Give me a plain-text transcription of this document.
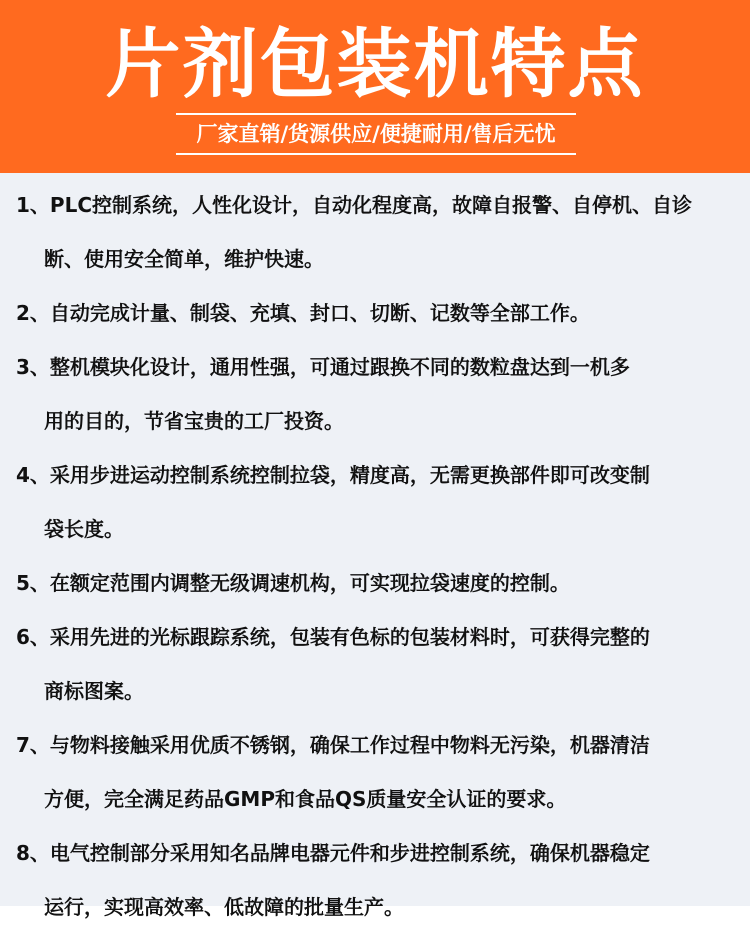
片剂包装机特点
厂家直销/货源供应/便捷耐用/售后无忧
1、PLC控制系统，人性化设计，自动化程度高，故障自报警、自停机、自诊
断、使用安全简单，维护快速。
2、自动完成计量、制袋、充填、封口、切断、记数等全部工作。
3、整机模块化设计，通用性强，可通过跟换不同的数粒盘达到一机多
用的目的，节省宝贵的工厂投资。
4、采用步进运动控制系统控制拉袋，精度高，无需更换部件即可改变制
袋长度。
5、在额定范围内调整无级调速机构，可实现拉袋速度的控制。
6、采用先进的光标跟踪系统，包装有色标的包装材料时，可获得完整的
商标图案。
7、与物料接触采用优质不锈钢，确保工作过程中物料无污染，机器清洁
方便，完全满足药品GMP和食品QS质量安全认证的要求。
8、电气控制部分采用知名品牌电器元件和步进控制系统，确保机器稳定
运行，实现高效率、低故障的批量生产。
